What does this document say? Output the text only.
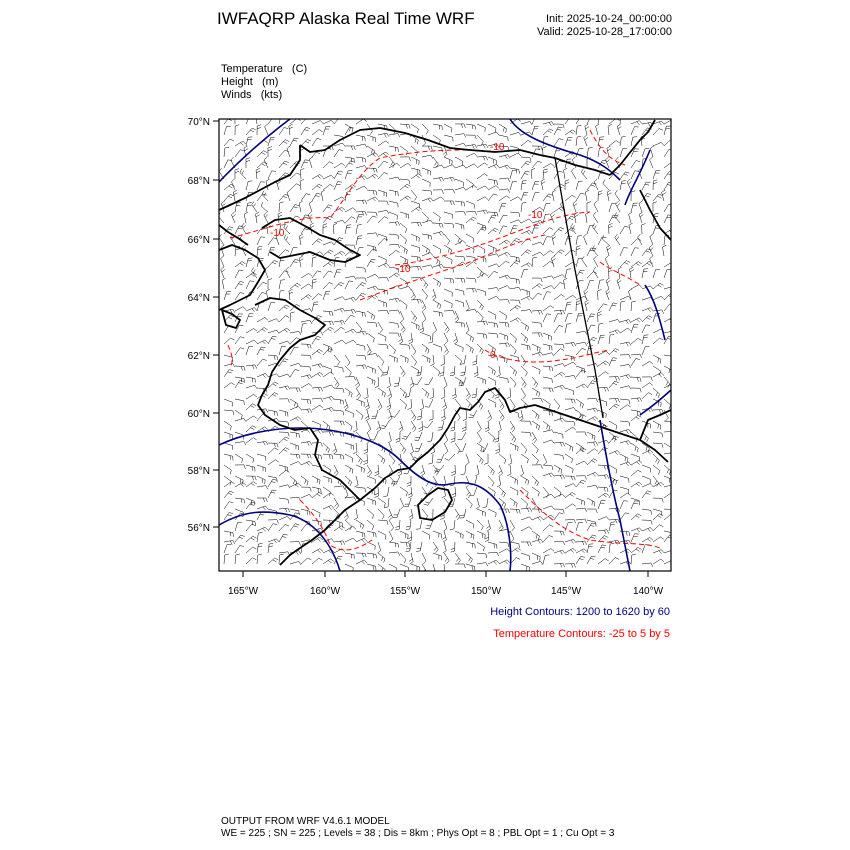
IWFAQRP Alaska Real Time WRF	Init: 2025-10-24_00:00:00
Valid: 2025-10-28_17:00:00
Temperature   (C)
Height   (m)
Winds   (kts)
-10
-10
-10
-10
0
70°N
68°N
66°N
64°N
62°N
60°N
58°N
56°N
165°W	160°W	155°W	150°W	145°W	140°W
Height Contours: 1200 to 1620 by 60
Temperature Contours: -25 to 5 by 5
OUTPUT FROM WRF V4.6.1 MODEL
WE = 225 ; SN = 225 ; Levels = 38 ; Dis = 8km ; Phys Opt = 8 ; PBL Opt = 1 ; Cu Opt = 3
